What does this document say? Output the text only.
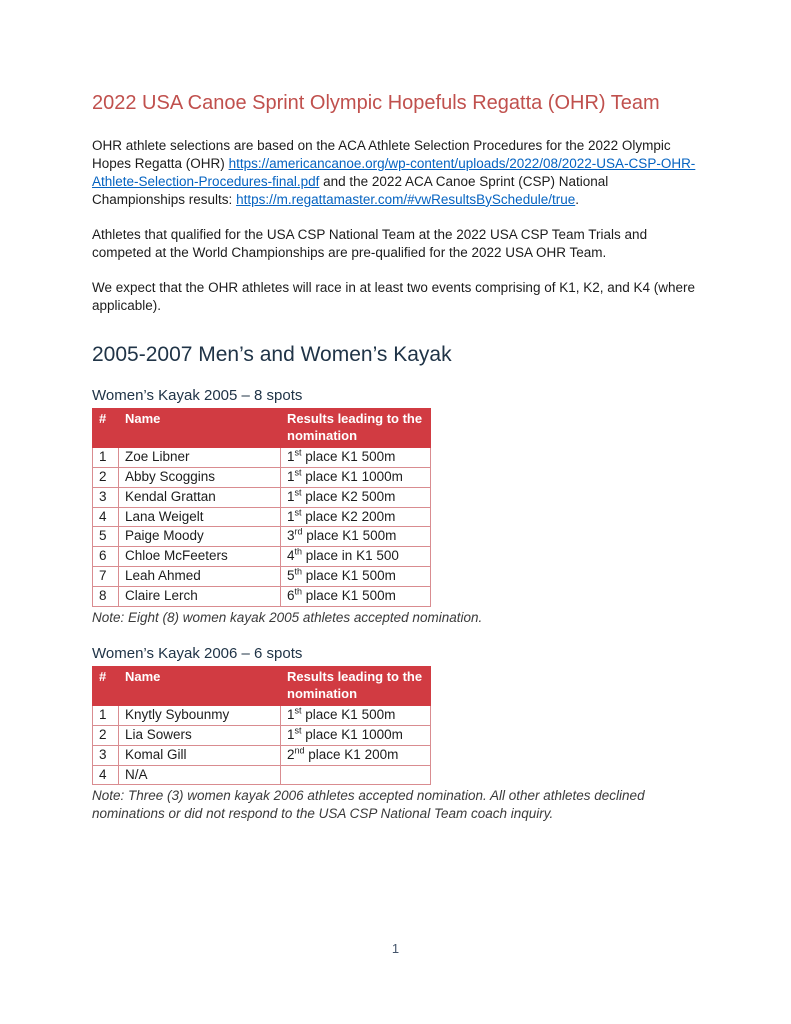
2022 USA Canoe Sprint Olympic Hopefuls Regatta (OHR) Team

OHR athlete selections are based on the ACA Athlete Selection Procedures for the 2022 Olympic Hopes Regatta (OHR) https://americancanoe.org/wp-content/uploads/2022/08/2022-USA-CSP-OHR-Athlete-Selection-Procedures-final.pdf and the 2022 ACA Canoe Sprint (CSP) National Championships results: https://m.regattamaster.com/#vwResultsBySchedule/true.

Athletes that qualified for the USA CSP National Team at the 2022 USA CSP Team Trials and competed at the World Championships are pre-qualified for the 2022 USA OHR Team.

We expect that the OHR athletes will race in at least two events comprising of K1, K2, and K4 (where applicable).

2005-2007 Men’s and Women’s Kayak
Women’s Kayak 2005 – 8 spots
#	Name	Results leading to the nomination
1	Zoe Libner	1st place K1 500m
2	Abby Scoggins	1st place K1 1000m
3	Kendal Grattan	1st place K2 500m
4	Lana Weigelt	1st place K2 200m
5	Paige Moody	3rd place K1 500m
6	Chloe McFeeters	4th place in K1 500
7	Leah Ahmed	5th place K1 500m
8	Claire Lerch	6th place K1 500m

Note: Eight (8) women kayak 2005 athletes accepted nomination.

Women’s Kayak 2006 – 6 spots
#	Name	Results leading to the nomination
1	Knytly Sybounmy	1st place K1 500m
2	Lia Sowers	1st place K1 1000m
3	Komal Gill	2nd place K1 200m
4	N/A	

Note: Three (3) women kayak 2006 athletes accepted nomination. All other athletes declined nominations or did not respond to the USA CSP National Team coach inquiry.

1
